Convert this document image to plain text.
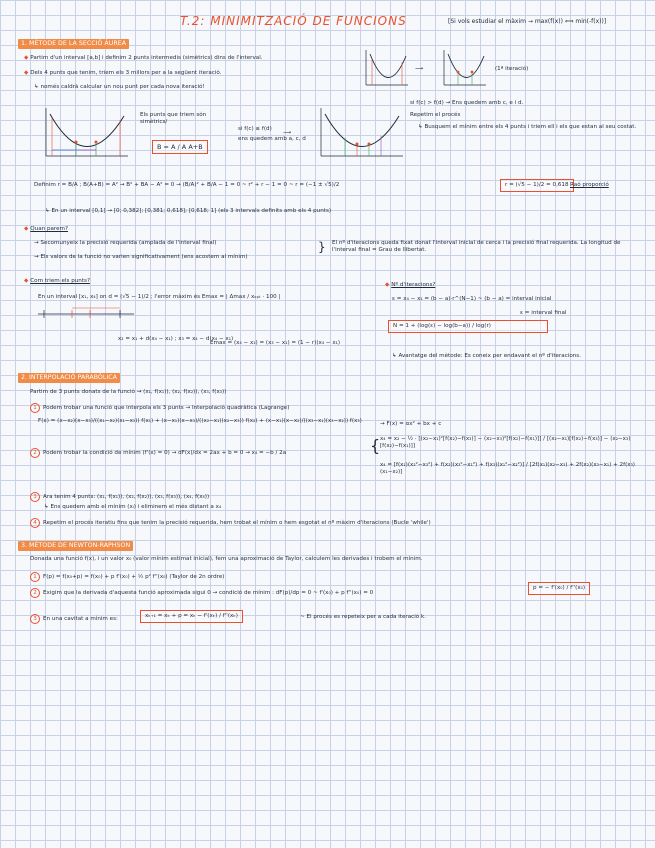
T.2: MINIMITZACIÓ DE FUNCIONS	[Si vols estudiar el màxim → max(f(x)) ⟺ min(-f(x))]
1. MÈTODE DE LA SECCIÓ ÀUREA
◆ Partim d'un interval [a,b] i definim 2 punts intermedis (simètrics) dins de l'interval.
◆ Dels 4 punts que tenim, triem els 3 millors per a la següent iteració.
↳ només caldrà calcular un nou punt per cada nova iteració!
⟶	(1ª iteració)
Els punts que triem són simètrics/
B = A / A A+B
si f(c) ≤ f(d)
ens quedem amb a, c, d
⟶
si f(c) > f(d) → Ens quedem amb c, e i d.
Repetim el procés
↳ Busquem el mínim entre els 4 punts i triem ell i els que estan al seu costat.
Definim r = B/A ; B(A+B) = A² → B² + BA − A² = 0 → (B/A)² + B/A − 1 = 0 ~ r² + r − 1 = 0 ~ r = (−1 ± √5)/2	r = (√5 − 1)/2 = 0,618 Raó proporció
↳ En un interval [0,1] → [0; 0,382]; [0,381; 0,618]; [0,618; 1] (els 3 intervals definits amb els 4 punts)
◆ Quan parem?
→ Secomunyeix la precisió requerida (amplada de l'interval final)
→ Els valors de la funció no varien significativament (ens acostem al mínim)
} El nº d'iteracions queda fixat donat l'interval inicial de cerca i la precisió final requerida. La longitud de l'interval final = Grau de llibertat.
◆ Com triem els punts?
En un interval [x₁, x₄] on d = (√5 − 1)/2 ; l'error màxim és Emax = | Δmax / xₒₚₜ · 100 |
x₂ = x₁ + d(x₄ − x₁) ; x₃ = x₄ − d(x₄ − x₁)
Emax = (x₄ − x₁) = (x₃ − x₁) = (1 − r)(x₄ − x₁)
◆ Nº d'iteracions?
ε = x₄ − x₁ = (b − a)·r^(N−1) ~ (b − a) = interval inicial
ε = interval final
N = 1 + (log(ε) − log(b−a)) / log(r)
↳ Avantatge del mètode: Es coneix per endavant el nº d'iteracions.
2. INTERPOLACIÓ PARABÒLICA
Partim de 3 punts donats de la funció → (x₁, f(x₁)), (x₂, f(x₂)), (x₃, f(x₃))
1 Podem trobar una funció que interpola els 3 punts → Interpolació quadràtica (Lagrange)
F(x) = (x−x₂)(x−x₃)/((x₁−x₂)(x₁−x₃)) f(x₁) + (x−x₁)(x−x₃)/((x₂−x₁)(x₂−x₃)) f(x₂) + (x−x₁)(x−x₂)/((x₃−x₁)(x₃−x₂)) f(x₃)	→ F(x) = αx² + bx + c
2 Podem trobar la condició de mínim (f'(x) = 0) → dF(x)/dx = 2ax + b = 0 → x₄ = −b / 2a	{ x₄ = x₂ − ½ · [(x₂−x₁)²[f(x₂)−f(x₃)] − (x₂−x₃)²[f(x₂)−f(x₁)]] / [(x₂−x₁)[f(x₂)−f(x₃)] − (x₂−x₃)[f(x₂)−f(x₁)]]
x₄ = [f(x₁)(x₂²−x₃²) + f(x₂)(x₃²−x₁²) + f(x₃)(x₁²−x₂²)] / [2f(x₁)(x₂−x₃) + 2f(x₂)(x₃−x₁) + 2f(x₃)(x₁−x₂)]
3 Ara tenim 4 punts: (x₁, f(x₁)), (x₂, f(x₂)), (x₃, f(x₃)), (x₄, f(x₄))
↳ Ens quedem amb el mínim (xᵢ) i eliminem el més distant a x₄
4 Repetim el procés iteratiu fins que tenim la precisió requerida, hem trobat el mínim o hem esgotat el nº màxim d'iteracions (Bucle 'while')
3. MÈTODE DE NEWTON-RAPHSON
Donada una funció f(x), i un valor x₀ (valor mínim estimat inicial), fem una aproximació de Taylor, calculem les derivades i trobem el mínim.
1 F(p) = f(x₀+p) = f(x₀) + p f'(x₀) + ½ p² f''(x₀) (Taylor de 2n ordre)
2 Exigim que la derivada d'aquesta funció aproximada sigui 0 → condició de mínim : dF(p)/dp = 0 ~ f'(x₀) + p f''(x₀) = 0
p = − f'(x₀) / f''(x₀)
3 En una cavitat a mínim es:	xₖ₊₁ = xₖ + p = xₖ − f'(xₖ) / f''(xₖ)	~ El procés es repeteix per a cada iteració k.
